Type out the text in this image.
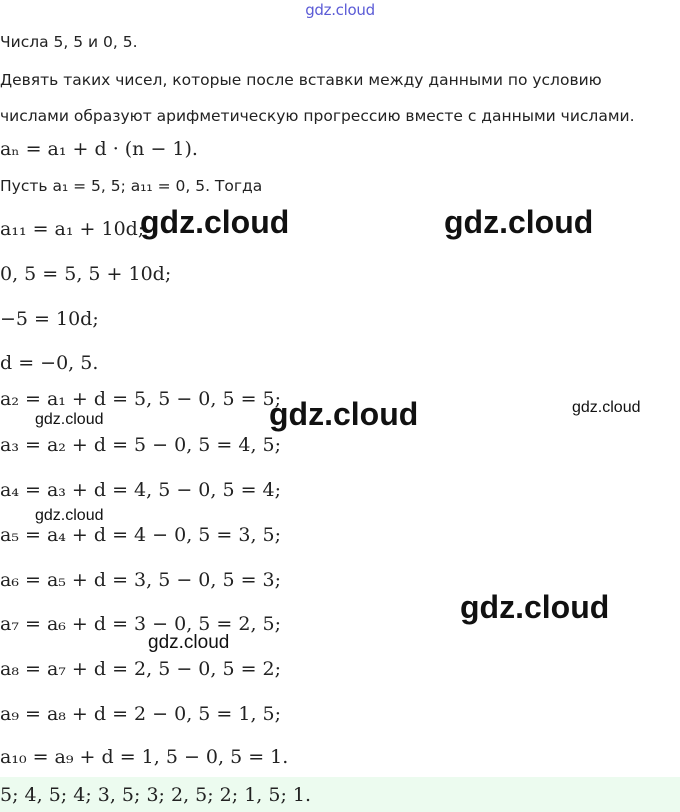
gdz.cloud
Числа 5, 5 и 0, 5.
Девять таких чисел, которые после вставки между данными по условию
числами образуют арифметическую прогрессию вместе с данными числами.
aₙ = a₁ + d · (n − 1).
Пусть a₁ = 5, 5; a₁₁ = 0, 5. Тогда
a₁₁ = a₁ + 10d;
0, 5 = 5, 5 + 10d;
−5 = 10d;
d = −0, 5.
a₂ = a₁ + d = 5, 5 − 0, 5 = 5;
a₃ = a₂ + d = 5 − 0, 5 = 4, 5;
a₄ = a₃ + d = 4, 5 − 0, 5 = 4;
a₅ = a₄ + d = 4 − 0, 5 = 3, 5;
a₆ = a₅ + d = 3, 5 − 0, 5 = 3;
a₇ = a₆ + d = 3 − 0, 5 = 2, 5;
a₈ = a₇ + d = 2, 5 − 0, 5 = 2;
a₉ = a₈ + d = 2 − 0, 5 = 1, 5;
a₁₀ = a₉ + d = 1, 5 − 0, 5 = 1.
5; 4, 5; 4; 3, 5; 3; 2, 5; 2; 1, 5; 1.
gdz.cloud	gdz.cloud
gdz.cloud	gdz.cloud
gdz.cloud
gdz.cloud
gdz.cloud
gdz.cloud
